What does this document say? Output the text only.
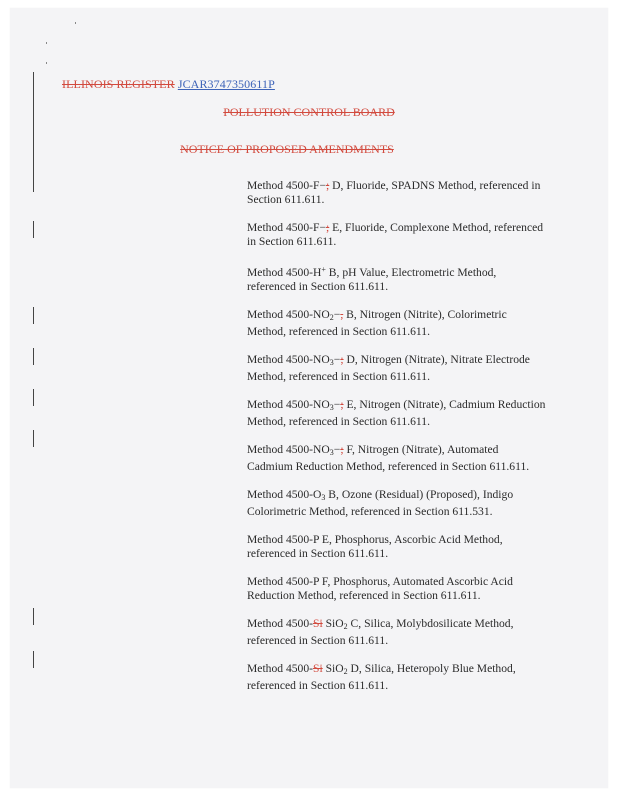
ILLINOIS REGISTER JCAR3747350611P
POLLUTION CONTROL BOARD
NOTICE OF PROPOSED AMENDMENTS
Method 4500-F−; D, Fluoride, SPADNS Method, referenced in Section 611.611.
Method 4500-F−; E, Fluoride, Complexone Method, referenced in Section 611.611.
Method 4500-H+ B, pH Value, Electrometric Method, referenced in Section 611.611.
Method $4500-NO_2-$, B, Nitrogen (Nitrite), Colorimetric Method, referenced in Section 611.611.
Method $4500-NO_3-$; D, Nitrogen (Nitrate), Nitrate Electrode Method, referenced in Section 611.611.
Method $4500-NO_3-$; E, Nitrogen (Nitrate), Cadmium Reduction Method, referenced in Section 611.611.
Method $4500-NO_3-$; F, Nitrogen (Nitrate), Automated Cadmium Reduction Method, referenced in Section 611.611.
Method $4500-O_3$ B, Ozone (Residual) (Proposed), Indigo Colorimetric Method, referenced in Section 611.531.
Method 4500-P E, Phosphorus, Ascorbic Acid Method, referenced in Section 611.611.
Method 4500-P F, Phosphorus, Automated Ascorbic Acid Reduction Method, referenced in Section 611.611.
Method 4500-Si SiO$_2$ C, Silica, Molybdosilicate Method, referenced in Section 611.611.
Method 4500-Si SiO$_2$ D, Silica, Heteropoly Blue Method, referenced in Section 611.611.
